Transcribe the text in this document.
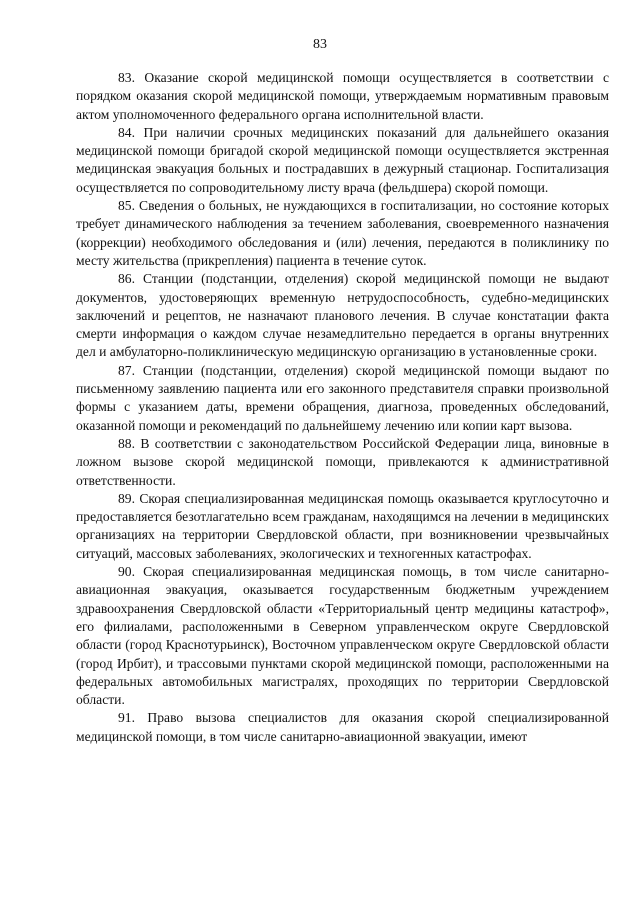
83

83. Оказание скорой медицинской помощи осуществляется в соответствии с порядком оказания скорой медицинской помощи, утверждаемым нормативным правовым актом уполномоченного федерального органа исполнительной власти.

84. При наличии срочных медицинских показаний для дальнейшего оказания медицинской помощи бригадой скорой медицинской помощи осуществляется экстренная медицинская эвакуация больных и пострадавших в дежурный стационар. Госпитализация осуществляется по сопроводительному листу врача (фельдшера) скорой помощи.

85. Сведения о больных, не нуждающихся в госпитализации, но состояние которых требует динамического наблюдения за течением заболевания, своевременного назначения (коррекции) необходимого обследования и (или) лечения, передаются в поликлинику по месту жительства (прикрепления) пациента в течение суток.

86. Станции (подстанции, отделения) скорой медицинской помощи не выдают документов, удостоверяющих временную нетрудоспособность, судебно-медицинских заключений и рецептов, не назначают планового лечения. В случае констатации факта смерти информация о каждом случае незамедлительно передается в органы внутренних дел и амбулаторно-поликлиническую медицинскую организацию в установленные сроки.

87. Станции (подстанции, отделения) скорой медицинской помощи выдают по письменному заявлению пациента или его законного представителя справки произвольной формы с указанием даты, времени обращения, диагноза, проведенных обследований, оказанной помощи и рекомендаций по дальнейшему лечению или копии карт вызова.

88. В соответствии с законодательством Российской Федерации лица, виновные в ложном вызове скорой медицинской помощи, привлекаются к административной ответственности.

89. Скорая специализированная медицинская помощь оказывается круглосуточно и предоставляется безотлагательно всем гражданам, находящимся на лечении в медицинских организациях на территории Свердловской области, при возникновении чрезвычайных ситуаций, массовых заболеваниях, экологических и техногенных катастрофах.

90. Скорая специализированная медицинская помощь, в том числе санитарно-авиационная эвакуация, оказывается государственным бюджетным учреждением здравоохранения Свердловской области «Территориальный центр медицины катастроф», его филиалами, расположенными в Северном управленческом округе Свердловской области (город Краснотурьинск), Восточном управленческом округе Свердловской области (город Ирбит), и трассовыми пунктами скорой медицинской помощи, расположенными на федеральных автомобильных магистралях, проходящих по территории Свердловской области.

91. Право вызова специалистов для оказания скорой специализированной медицинской помощи, в том числе санитарно-авиационной эвакуации, имеют
